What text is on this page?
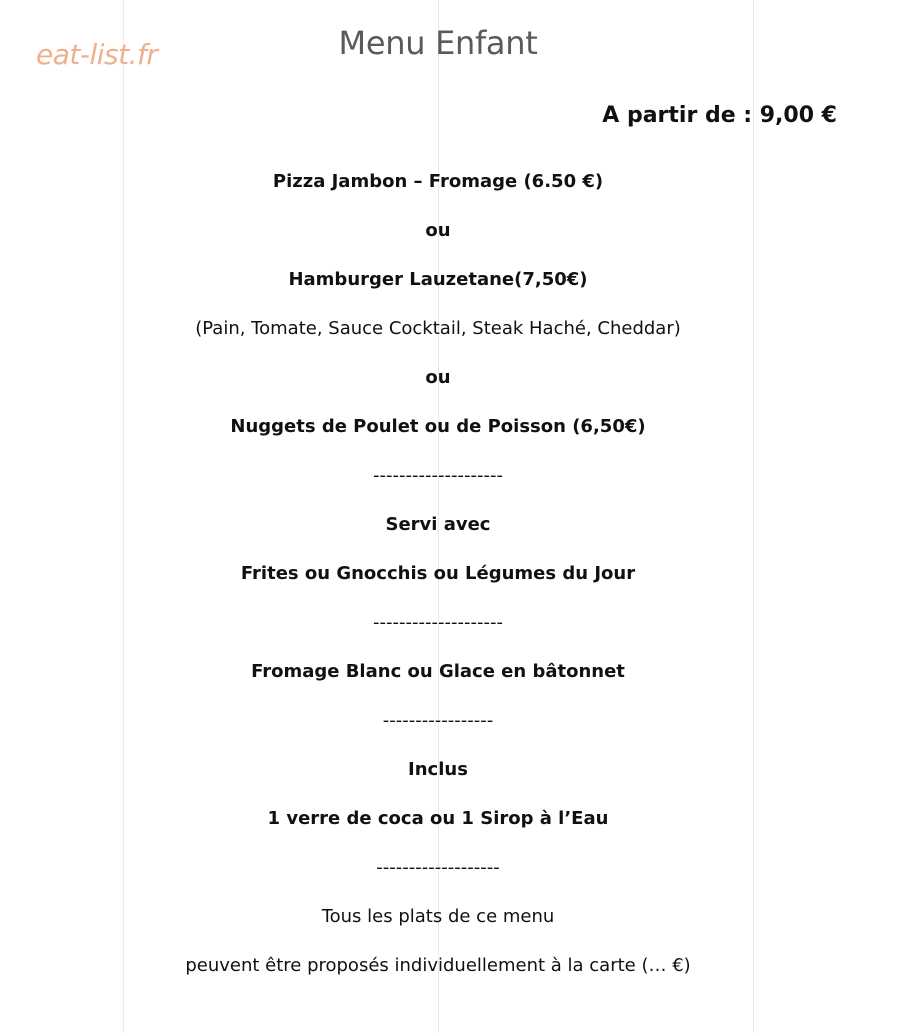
eat-list.fr	Menu Enfant

A partir de : 9,00 €

Pizza Jambon – Fromage (6.50 €)

ou

Hamburger Lauzetane(7,50€)

(Pain, Tomate, Sauce Cocktail, Steak Haché, Cheddar)

ou

Nuggets de Poulet ou de Poisson (6,50€)

--------------------

Servi avec

Frites ou Gnocchis ou Légumes du Jour

--------------------

Fromage Blanc ou Glace en bâtonnet

-----------------

Inclus

1 verre de coca ou 1 Sirop à l’Eau

-------------------

Tous les plats de ce menu

peuvent être proposés individuellement à la carte (… €)
